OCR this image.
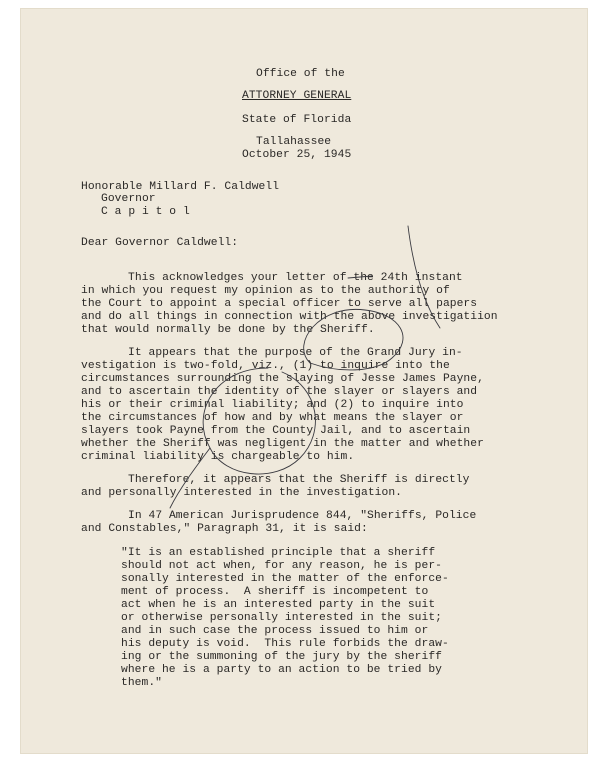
Office of the
ATTORNEY GENERAL
State of Florida
Tallahassee
October 25, 1945
Honorable Millard F. Caldwell
Governor
C a p i t o l
Dear Governor Caldwell:
This acknowledges your letter of the 24th instant
in which you request my opinion as to the authority of
the Court to appoint a special officer to serve all papers
and do all things in connection with the above investigatiion
that would normally be done by the Sheriff.
It appears that the purpose of the Grand Jury in-
vestigation is two-fold, viz., (1) to inquire into the
circumstances surrounding the slaying of Jesse James Payne,
and to ascertain the identity of the slayer or slayers and
his or their criminal liability; and (2) to inquire into
the circumstances of how and by what means the slayer or
slayers took Payne from the County Jail, and to ascertain
whether the Sheriff was negligent in the matter and whether
criminal liability is chargeable to him.
Therefore, it appears that the Sheriff is directly
and personally interested in the investigation.
In 47 American Jurisprudence 844, "Sheriffs, Police
and Constables," Paragraph 31, it is said:
"It is an established principle that a sheriff
should not act when, for any reason, he is per-
sonally interested in the matter of the enforce-
ment of process.  A sheriff is incompetent to
act when he is an interested party in the suit
or otherwise personally interested in the suit;
and in such case the process issued to him or
his deputy is void.  This rule forbids the draw-
ing or the summoning of the jury by the sheriff
where he is a party to an action to be tried by
them."
